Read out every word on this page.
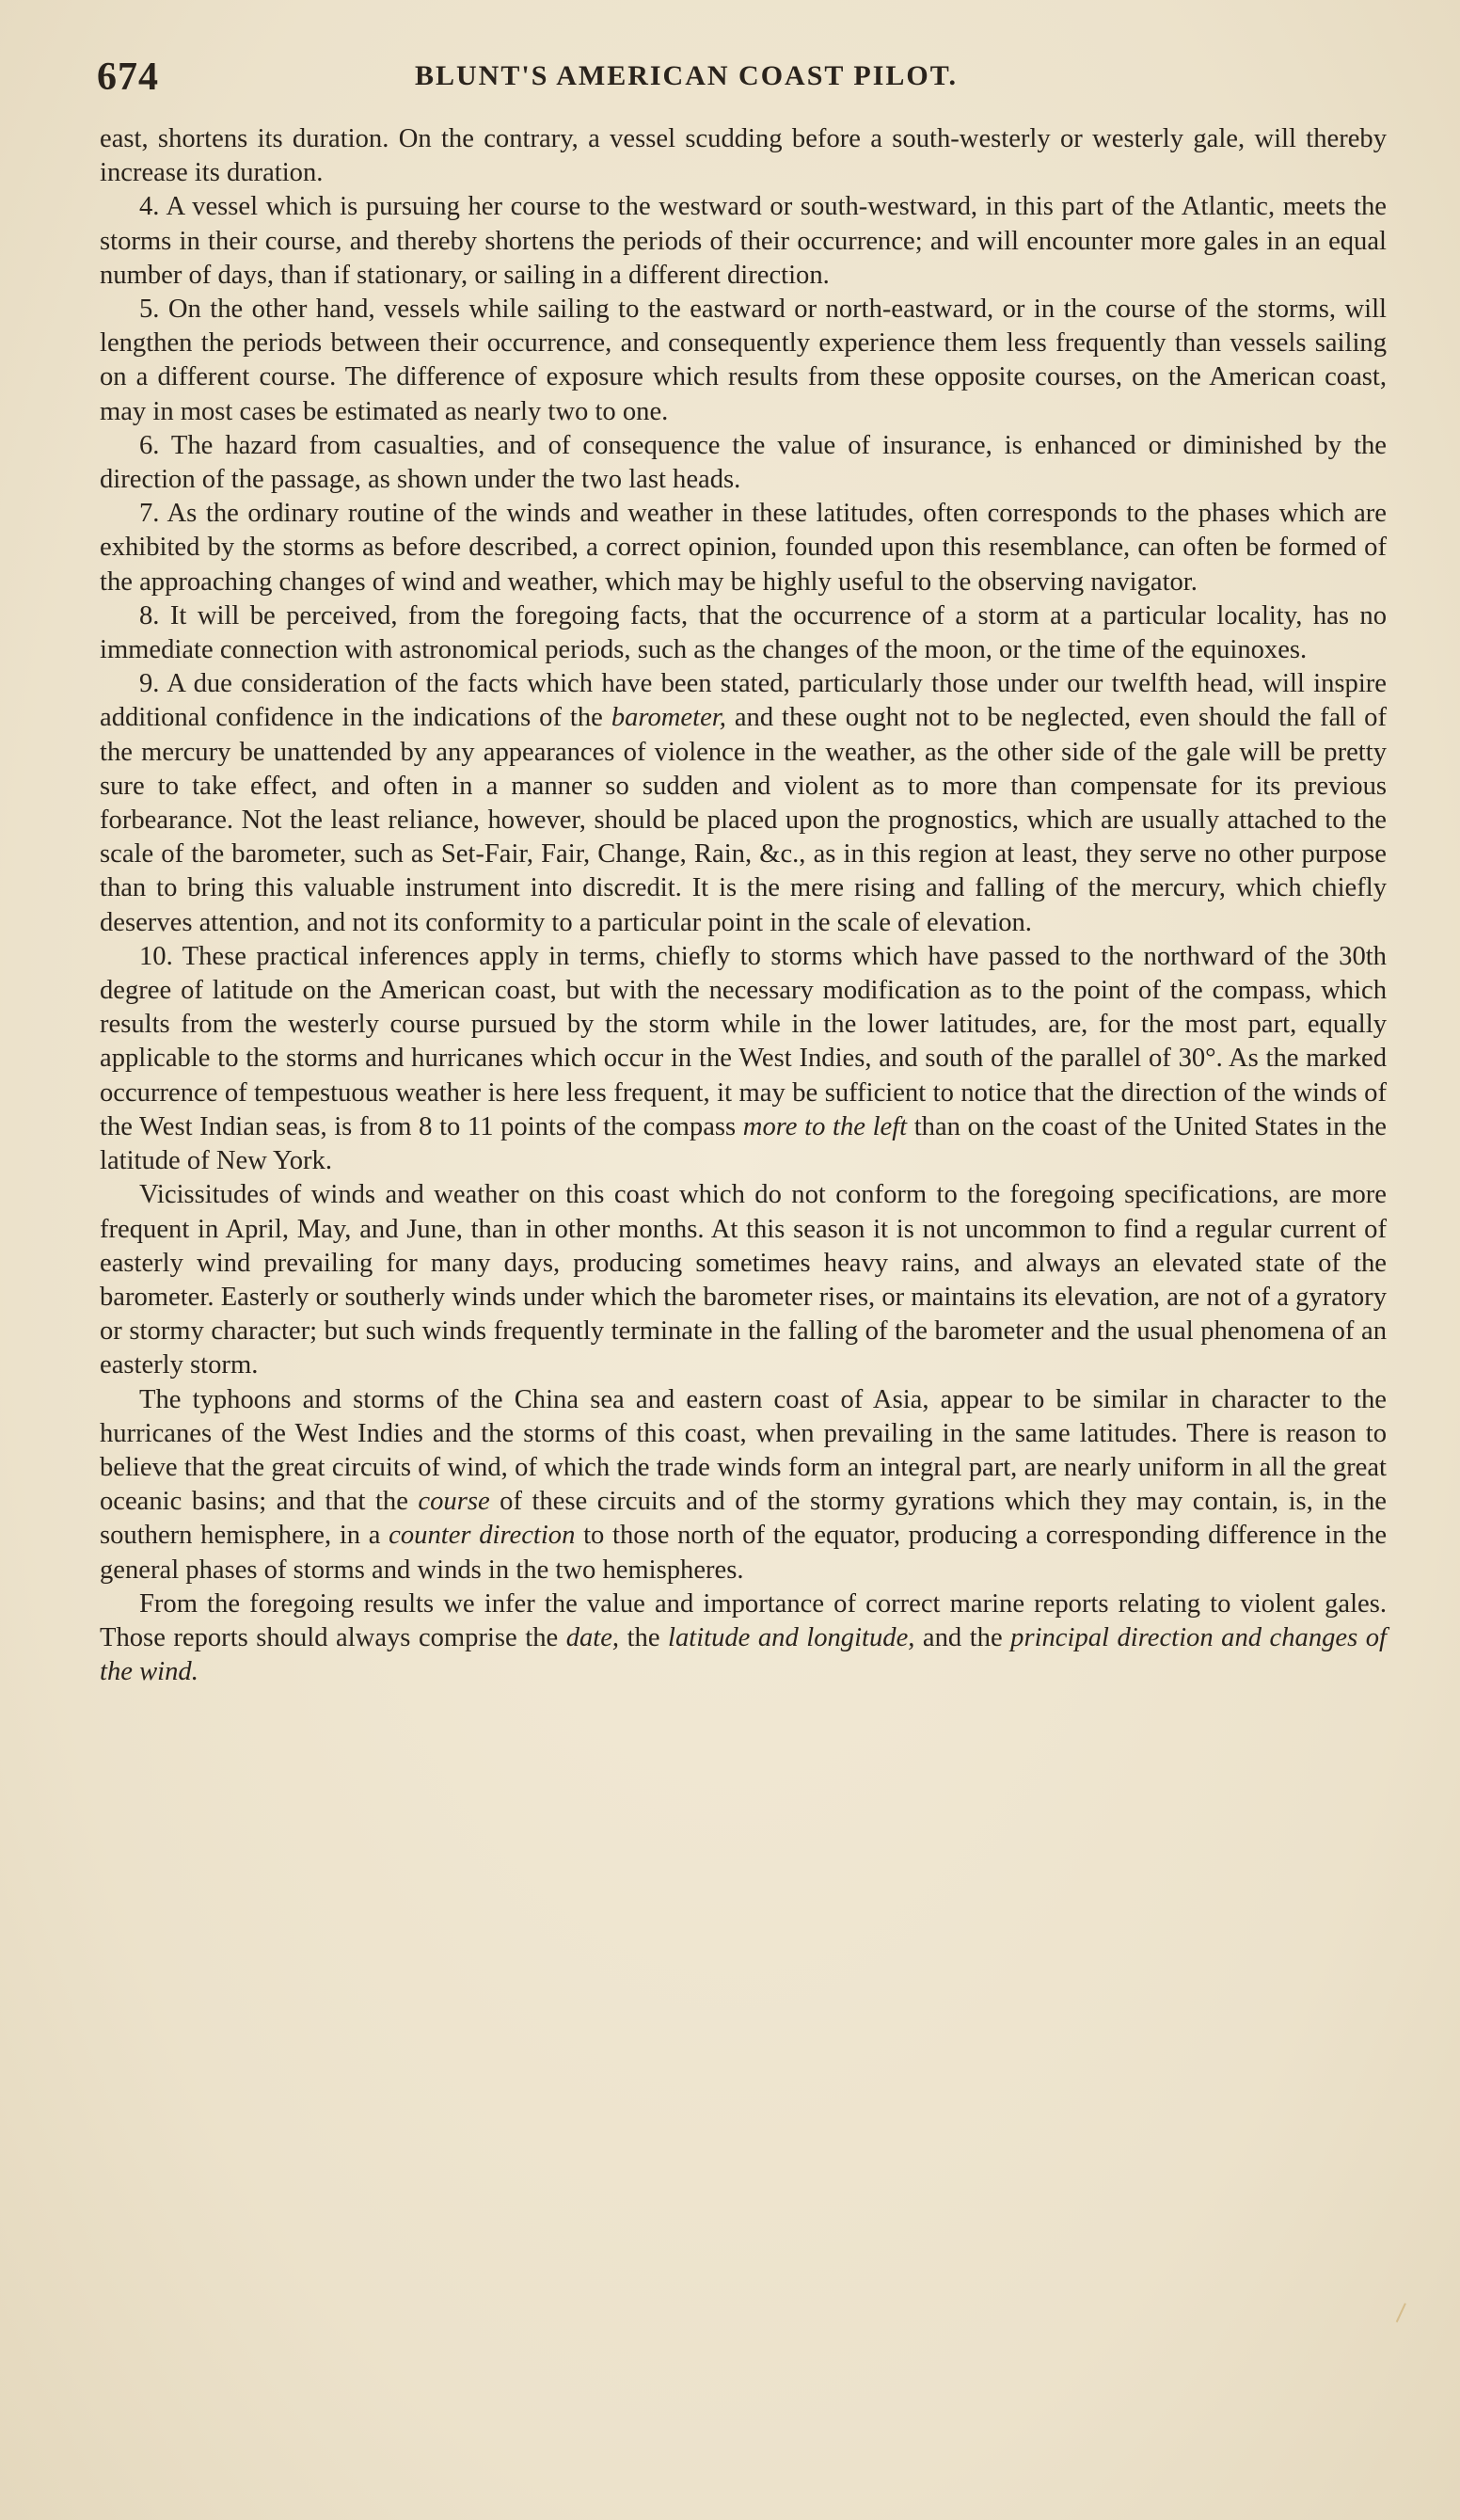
674	BLUNT'S AMERICAN COAST PILOT.

east, shortens its duration. On the contrary, a vessel scudding before a south-westerly or westerly gale, will thereby increase its duration.

4. A vessel which is pursuing her course to the westward or south-westward, in this part of the Atlantic, meets the storms in their course, and thereby shortens the periods of their occurrence; and will encounter more gales in an equal number of days, than if stationary, or sailing in a different direction.

5. On the other hand, vessels while sailing to the eastward or north-eastward, or in the course of the storms, will lengthen the periods between their occurrence, and consequently experience them less frequently than vessels sailing on a different course. The difference of exposure which results from these opposite courses, on the American coast, may in most cases be estimated as nearly two to one.

6. The hazard from casualties, and of consequence the value of insurance, is enhanced or diminished by the direction of the passage, as shown under the two last heads.

7. As the ordinary routine of the winds and weather in these latitudes, often corresponds to the phases which are exhibited by the storms as before described, a correct opinion, founded upon this resemblance, can often be formed of the approaching changes of wind and weather, which may be highly useful to the observing navigator.

8. It will be perceived, from the foregoing facts, that the occurrence of a storm at a particular locality, has no immediate connection with astronomical periods, such as the changes of the moon, or the time of the equinoxes.

9. A due consideration of the facts which have been stated, particularly those under our twelfth head, will inspire additional confidence in the indications of the barometer, and these ought not to be neglected, even should the fall of the mercury be unattended by any appearances of violence in the weather, as the other side of the gale will be pretty sure to take effect, and often in a manner so sudden and violent as to more than compensate for its previous forbearance. Not the least reliance, however, should be placed upon the prognostics, which are usually attached to the scale of the barometer, such as Set-Fair, Fair, Change, Rain, &c., as in this region at least, they serve no other purpose than to bring this valuable instrument into discredit. It is the mere rising and falling of the mercury, which chiefly deserves attention, and not its conformity to a particular point in the scale of elevation.

10. These practical inferences apply in terms, chiefly to storms which have passed to the northward of the 30th degree of latitude on the American coast, but with the necessary modification as to the point of the compass, which results from the westerly course pursued by the storm while in the lower latitudes, are, for the most part, equally applicable to the storms and hurricanes which occur in the West Indies, and south of the parallel of 30°. As the marked occurrence of tempestuous weather is here less frequent, it may be sufficient to notice that the direction of the winds of the West Indian seas, is from 8 to 11 points of the compass more to the left than on the coast of the United States in the latitude of New York.

Vicissitudes of winds and weather on this coast which do not conform to the foregoing specifications, are more frequent in April, May, and June, than in other months. At this season it is not uncommon to find a regular current of easterly wind prevailing for many days, producing sometimes heavy rains, and always an elevated state of the barometer. Easterly or southerly winds under which the barometer rises, or maintains its elevation, are not of a gyratory or stormy character; but such winds frequently terminate in the falling of the barometer and the usual phenomena of an easterly storm.

The typhoons and storms of the China sea and eastern coast of Asia, appear to be similar in character to the hurricanes of the West Indies and the storms of this coast, when prevailing in the same latitudes. There is reason to believe that the great circuits of wind, of which the trade winds form an integral part, are nearly uniform in all the great oceanic basins; and that the course of these circuits and of the stormy gyrations which they may contain, is, in the southern hemisphere, in a counter direction to those north of the equator, producing a corresponding difference in the general phases of storms and winds in the two hemispheres.

From the foregoing results we infer the value and importance of correct marine reports relating to violent gales. Those reports should always comprise the date, the latitude and longitude, and the principal direction and changes of the wind.
